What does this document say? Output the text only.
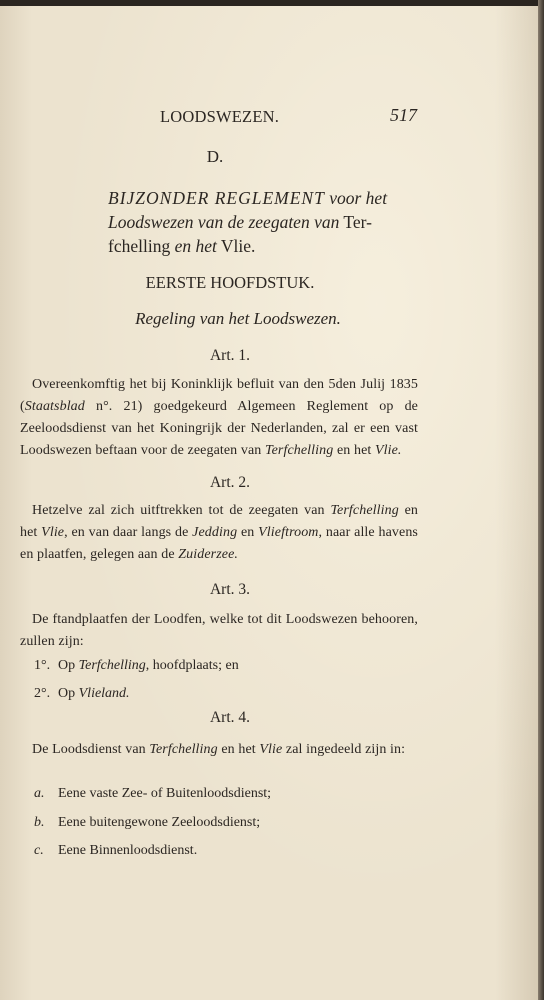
LOODSWEZEN.	517
D.
BIJZONDER REGLEMENT voor het
Loodswezen van de zeegaten van Ter-
fchelling en het Vlie.
EERSTE HOOFDSTUK.
Regeling van het Loodswezen.
Art. 1.
Overeenkomftig het bij Koninklijk befluit van den 5den Julij 1835 (Staatsblad n°. 21) goedgekeurd Algemeen Reglement op de Zeeloodsdienst van het Koningrijk der Nederlanden, zal er een vast Loodswezen beftaan voor de zeegaten van Terfchelling en het Vlie.
Art. 2.
Hetzelve zal zich uitftrekken tot de zeegaten van Terfchelling en het Vlie, en van daar langs de Jedding en Vlieftroom, naar alle havens en plaatfen, gelegen aan de Zuiderzee.
Art. 3.
De ftandplaatfen der Loodfen, welke tot dit Loodswezen behooren, zullen zijn:
1°. Op Terfchelling, hoofdplaats; en
2°. Op Vlieland.
Art. 4.
De Loodsdienst van Terfchelling en het Vlie zal ingedeeld zijn in:
a. Eene vaste Zee- of Buitenloodsdienst;
b. Eene buitengewone Zeeloodsdienst;
c. Eene Binnenloodsdienst.
